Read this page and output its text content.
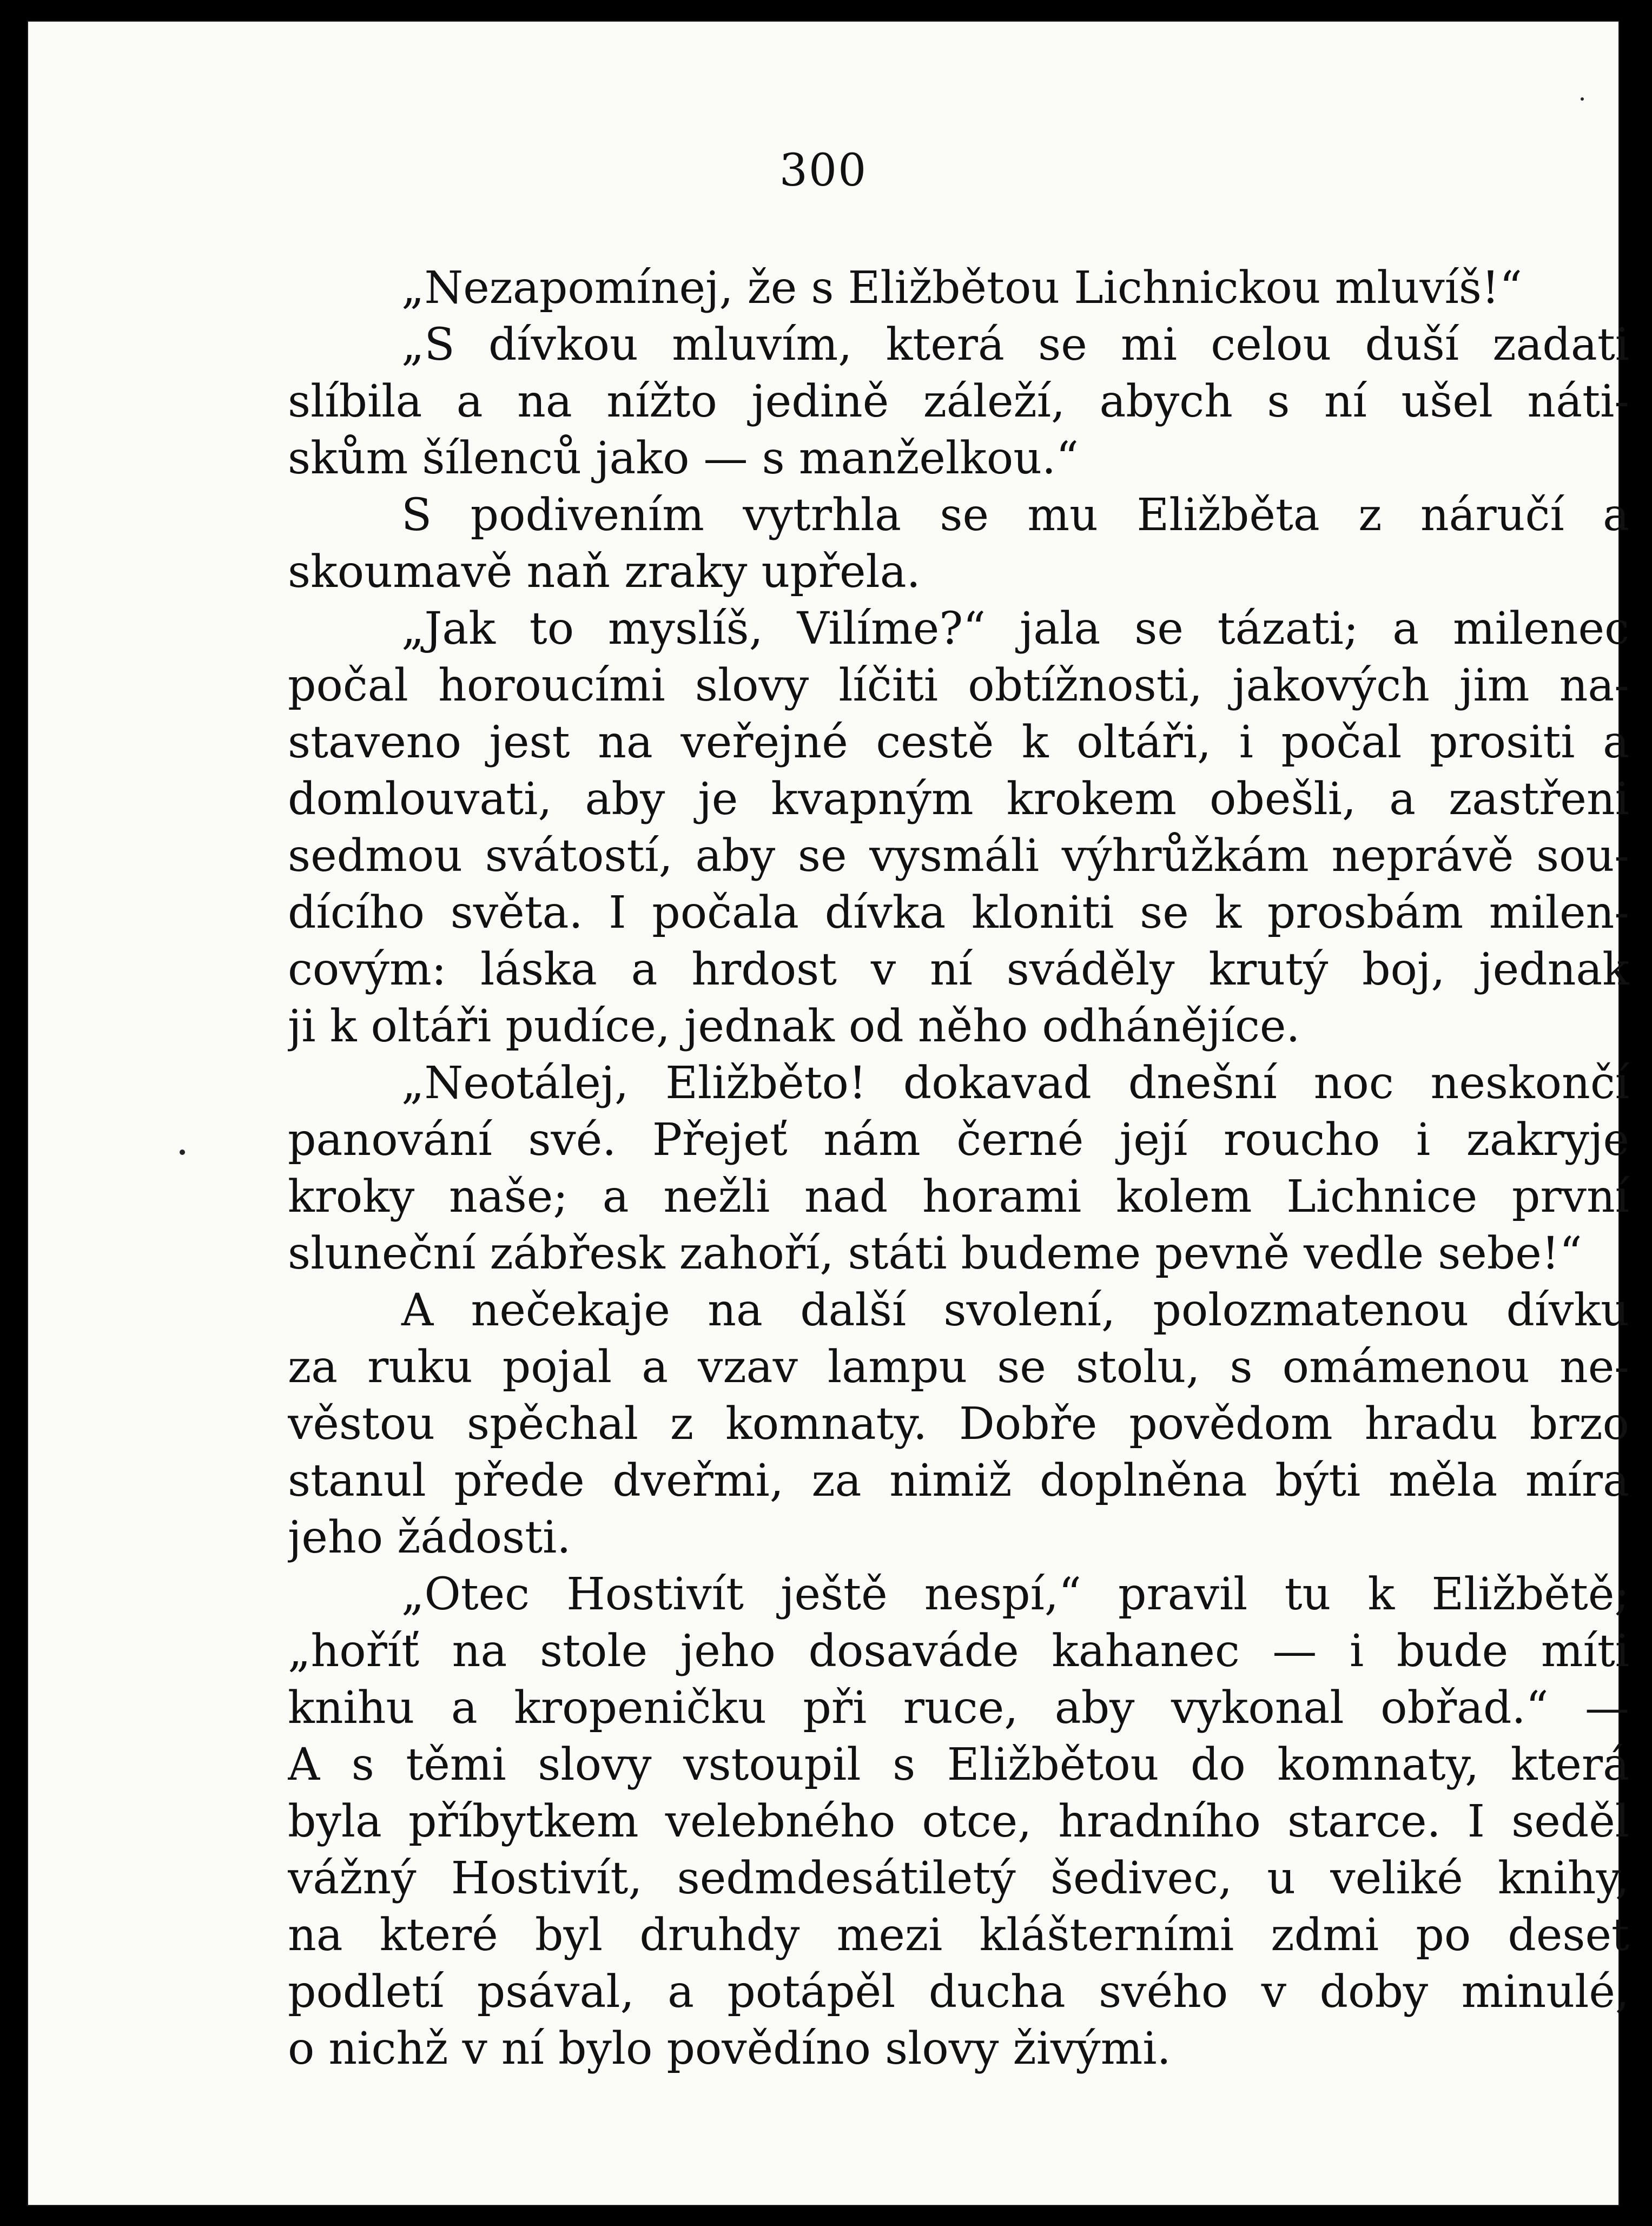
300
„Nezapomínej, že s Eližbětou Lichnickou mluvíš!“
„S dívkou mluvím, která se mi celou duší zadati
slíbila a na nížto jedině záleží, abych s ní ušel náti-
skům šílenců jako — s manželkou.“
S podivením vytrhla se mu Eližběta z náručí a
skoumavě naň zraky upřela.
„Jak to myslíš, Vilíme?“ jala se tázati; a milenec
počal horoucími slovy líčiti obtížnosti, jakových jim na-
staveno jest na veřejné cestě k oltáři, i počal prositi a
domlouvati, aby je kvapným krokem obešli, a zastřeni
sedmou svátostí, aby se vysmáli výhrůžkám neprávě sou-
dícího světa. I počala dívka kloniti se k prosbám milen-
covým: láska a hrdost v ní sváděly krutý boj, jednak
ji k oltáři pudíce, jednak od něho odhánějíce.
„Neotálej, Eližběto! dokavad dnešní noc neskončí
panování své. Přejeť nám černé její roucho i zakryje
kroky naše; a nežli nad horami kolem Lichnice první
sluneční zábřesk zahoří, státi budeme pevně vedle sebe!“
A nečekaje na další svolení, polozmatenou dívku
za ruku pojal a vzav lampu se stolu, s omámenou ne-
věstou spěchal z komnaty. Dobře povědom hradu brzo
stanul přede dveřmi, za nimiž doplněna býti měla míra
jeho žádosti.
„Otec Hostivít ještě nespí,“ pravil tu k Eližbětě;
„hoříť na stole jeho dosaváde kahanec — i bude míti
knihu a kropeničku při ruce, aby vykonal obřad.“ —
A s těmi slovy vstoupil s Eližbětou do komnaty, která
byla příbytkem velebného otce, hradního starce. I seděl
vážný Hostivít, sedmdesátiletý šedivec, u veliké knihy,
na které byl druhdy mezi klášterními zdmi po deset
podletí psával, a potápěl ducha svého v doby minulé,
o nichž v ní bylo povědíno slovy živými.
